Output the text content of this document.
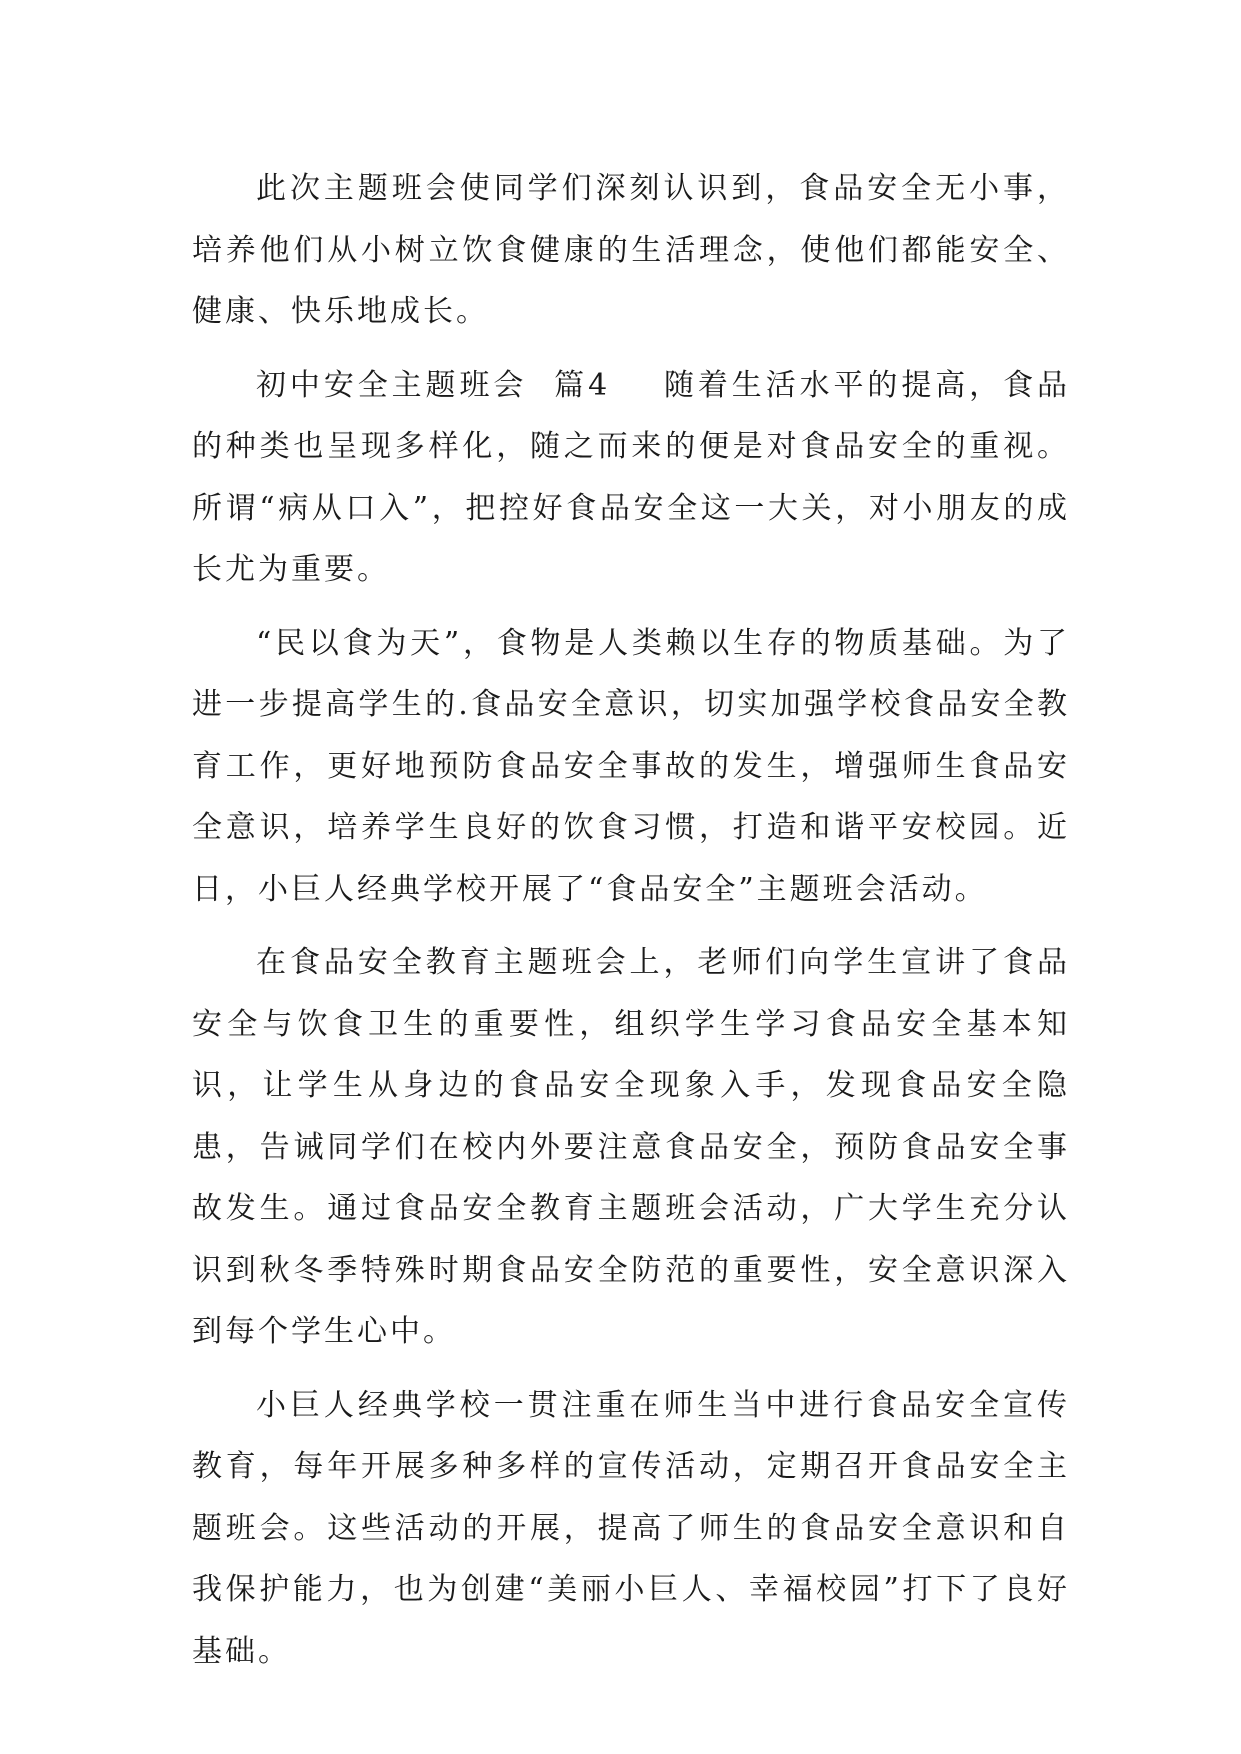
此次主题班会使同学们深刻认识到，食品安全无小事，培养他们从小树立饮食健康的生活理念，使他们都能安全、健康、快乐地成长。

初中安全主题班会  篇4    随着生活水平的提高，食品的种类也呈现多样化，随之而来的便是对食品安全的重视。所谓“病从口入”，把控好食品安全这一大关，对小朋友的成长尤为重要。

“民以食为天”，食物是人类赖以生存的物质基础。为了进一步提高学生的.食品安全意识，切实加强学校食品安全教育工作，更好地预防食品安全事故的发生，增强师生食品安全意识，培养学生良好的饮食习惯，打造和谐平安校园。近日，小巨人经典学校开展了“食品安全”主题班会活动。

在食品安全教育主题班会上，老师们向学生宣讲了食品安全与饮食卫生的重要性，组织学生学习食品安全基本知识，让学生从身边的食品安全现象入手，发现食品安全隐患，告诫同学们在校内外要注意食品安全，预防食品安全事故发生。通过食品安全教育主题班会活动，广大学生充分认识到秋冬季特殊时期食品安全防范的重要性，安全意识深入到每个学生心中。

小巨人经典学校一贯注重在师生当中进行食品安全宣传教育，每年开展多种多样的宣传活动，定期召开食品安全主题班会。这些活动的开展，提高了师生的食品安全意识和自我保护能力，也为创建“美丽小巨人、幸福校园”打下了良好基础。
